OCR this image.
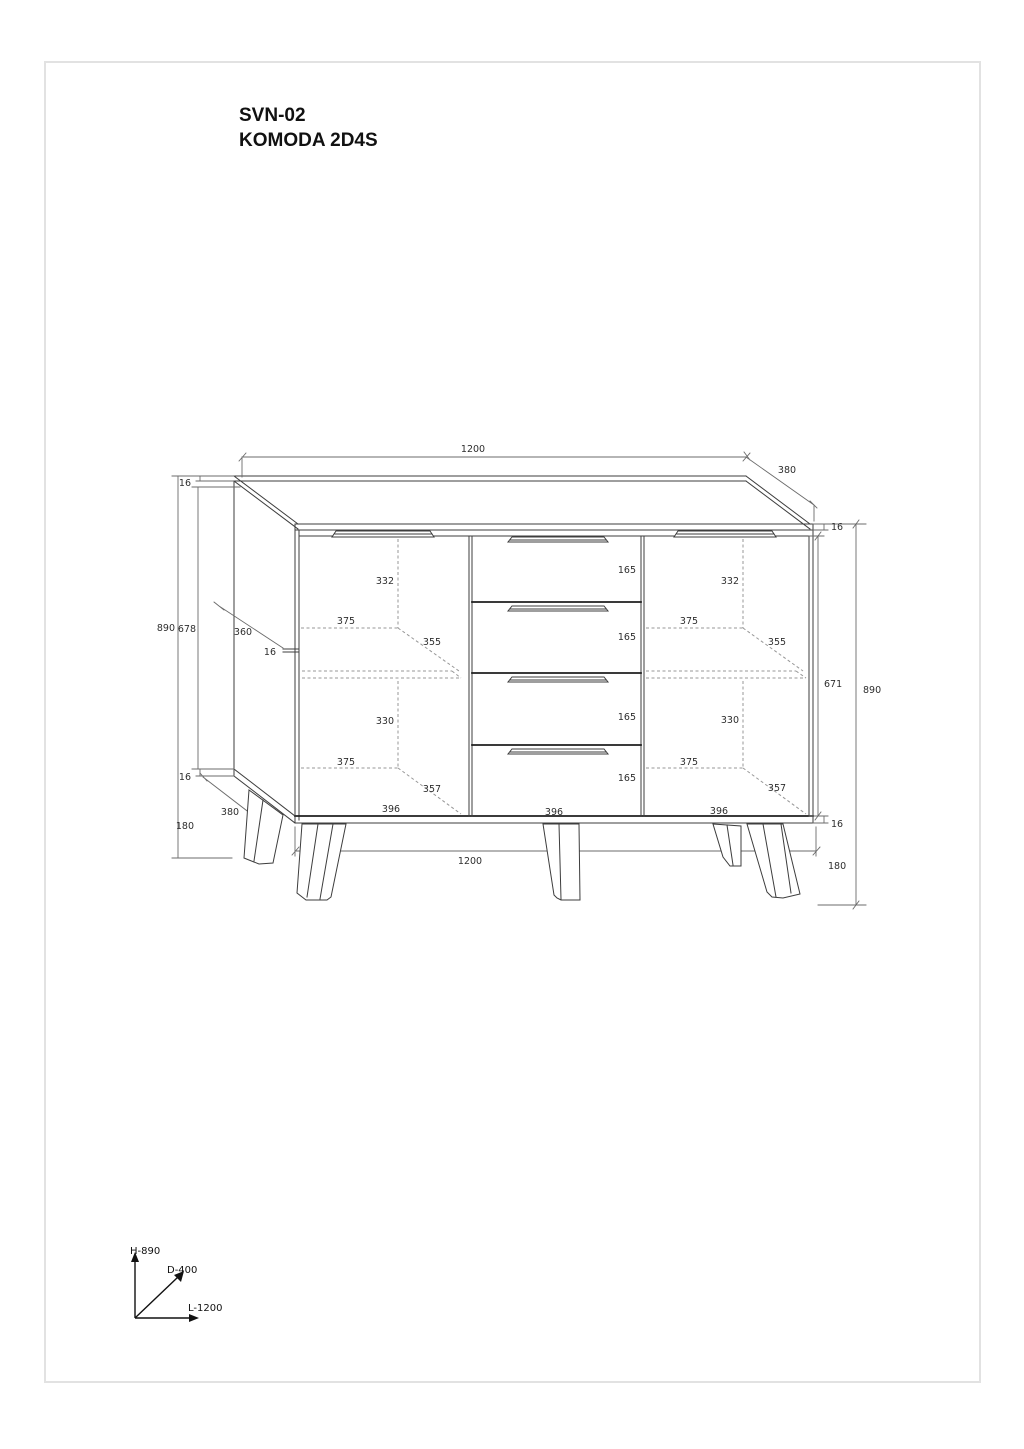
SVN-02
KOMODA 2D4S
1200
380
16
890 678	360
16
16
380
180
1200
16
671
890
16
180
332
375
355
330
375
357
396
165
165
165
165
396
332
375
355
330
375
357
396
H-890
D-400
L-1200
